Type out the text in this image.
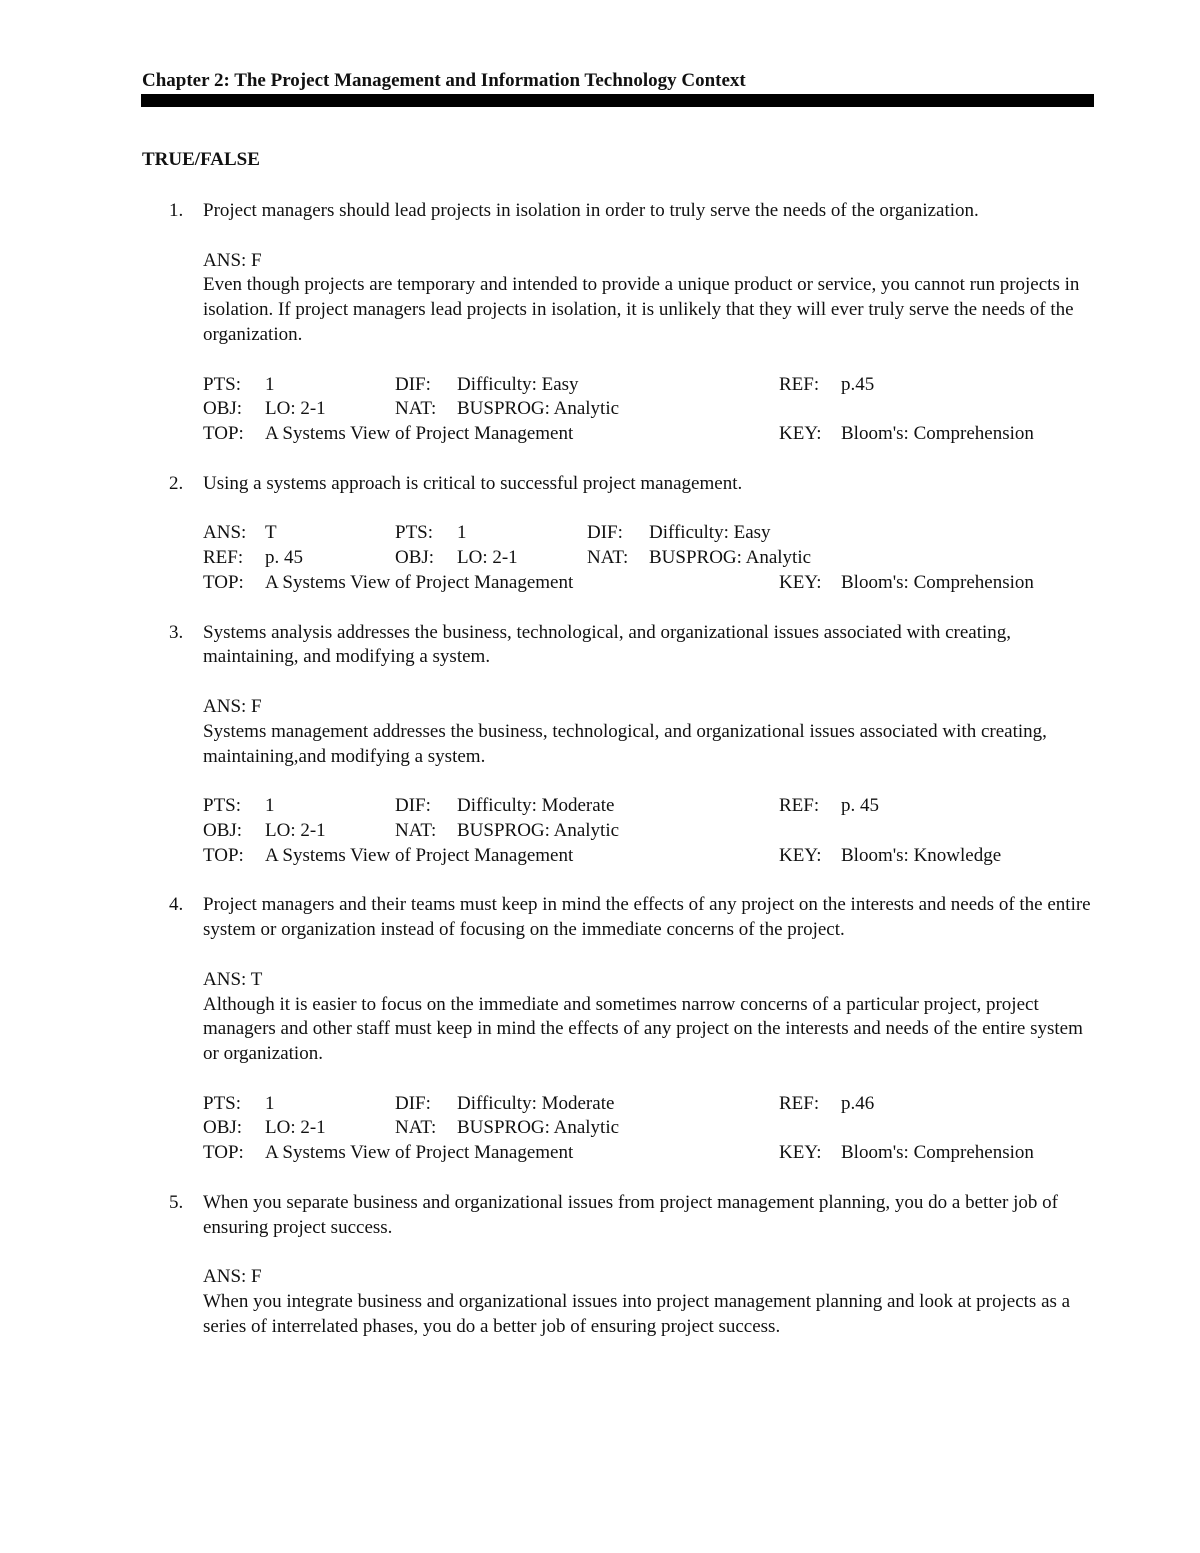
Chapter 2: The Project Management and Information Technology Context
TRUE/FALSE
1. Project managers should lead projects in isolation in order to truly serve the needs of the organization.
ANS: F
Even though projects are temporary and intended to provide a unique product or service, you cannot run projects in isolation. If project managers lead projects in isolation, it is unlikely that they will ever truly serve the needs of the organization.
PTS:	1	DIF:	Difficulty: Easy	REF:	p.45
OBJ:	LO: 2-1	NAT:	BUSPROG: Analytic
TOP:	A Systems View of Project Management	KEY:	Bloom's: Comprehension
2. Using a systems approach is critical to successful project management.
ANS: T	PTS:	1	DIF:	Difficulty: Easy
REF:	p. 45	OBJ:	LO: 2-1	NAT:	BUSPROG: Analytic
TOP:	A Systems View of Project Management	KEY:	Bloom's: Comprehension
3. Systems analysis addresses the business, technological, and organizational issues associated with creating, maintaining, and modifying a system.
ANS: F
Systems management addresses the business, technological, and organizational issues associated with creating, maintaining,and modifying a system.
PTS:	1	DIF:	Difficulty: Moderate	REF:	p. 45
OBJ:	LO: 2-1	NAT:	BUSPROG: Analytic
TOP:	A Systems View of Project Management	KEY:	Bloom's: Knowledge
4. Project managers and their teams must keep in mind the effects of any project on the interests and needs of the entire system or organization instead of focusing on the immediate concerns of the project.
ANS: T
Although it is easier to focus on the immediate and sometimes narrow concerns of a particular project, project managers and other staff must keep in mind the effects of any project on the interests and needs of the entire system or organization.
PTS:	1	DIF:	Difficulty: Moderate	REF:	p.46
OBJ:	LO: 2-1	NAT:	BUSPROG: Analytic
TOP:	A Systems View of Project Management	KEY:	Bloom's: Comprehension
5. When you separate business and organizational issues from project management planning, you do a better job of ensuring project success.
ANS: F
When you integrate business and organizational issues into project management planning and look at projects as a series of interrelated phases, you do a better job of ensuring project success.
